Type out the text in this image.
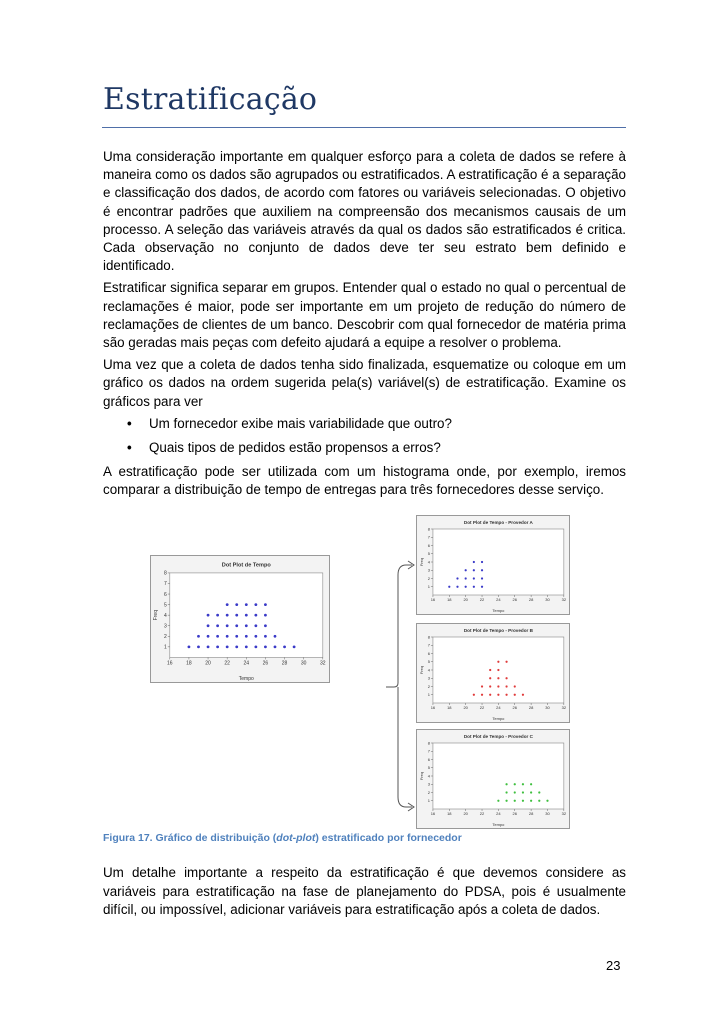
Estratificação

Uma consideração importante em qualquer esforço para a coleta de dados se refere à maneira como os dados são agrupados ou estratificados. A estratificação é a separação e classificação dos dados, de acordo com fatores ou variáveis selecionadas. O objetivo é encontrar padrões que auxiliem na compreensão dos mecanismos causais de um processo. A seleção das variáveis através da qual os dados são estratificados é critica. Cada observação no conjunto de dados deve ter seu estrato bem definido e identificado.

Estratificar significa separar em grupos. Entender qual o estado no qual o percentual de reclamações é maior, pode ser importante em um projeto de redução do número de reclamações de clientes de um banco. Descobrir com qual fornecedor de matéria prima são geradas mais peças com defeito ajudará a equipe a resolver o problema.

Uma vez que a coleta de dados tenha sido finalizada, esquematize ou coloque em um gráfico os dados na ordem sugerida pela(s) variável(s) de estratificação. Examine os gráficos para ver

• Um fornecedor exibe mais variabilidade que outro?
• Quais tipos de pedidos estão propensos a erros?

A estratificação pode ser utilizada com um histograma onde, por exemplo, iremos comparar a distribuição de tempo de entregas para três fornecedores desse serviço.

Dot Plot de Tempo
16	18	20	22	24	26	28	30	32
1
2
3
4
5
6
7
8
Tempo
Freq
Dot Plot de Tempo - Provedor A
16	18	20	22	24	26	28	30	32
1
2
3
4
5
6
7
8
Tempo
Freq
Dot Plot de Tempo - Provedor B
16	18	20	22	24	26	28	30	32
1
2
3
4
5
6
7
8
Tempo
Freq
Dot Plot de Tempo - Provedor C
16	18	20	22	24	26	28	30	32
1
2
3
4
5
6
7
8
Tempo
Freq
Figura 17. Gráfico de distribuição (dot-plot) estratificado por fornecedor

Um detalhe importante a respeito da estratificação é que devemos considere as variáveis para estratificação na fase de planejamento do PDSA, pois é usualmente difícil, ou impossível, adicionar variáveis para estratificação após a coleta de dados.

23
